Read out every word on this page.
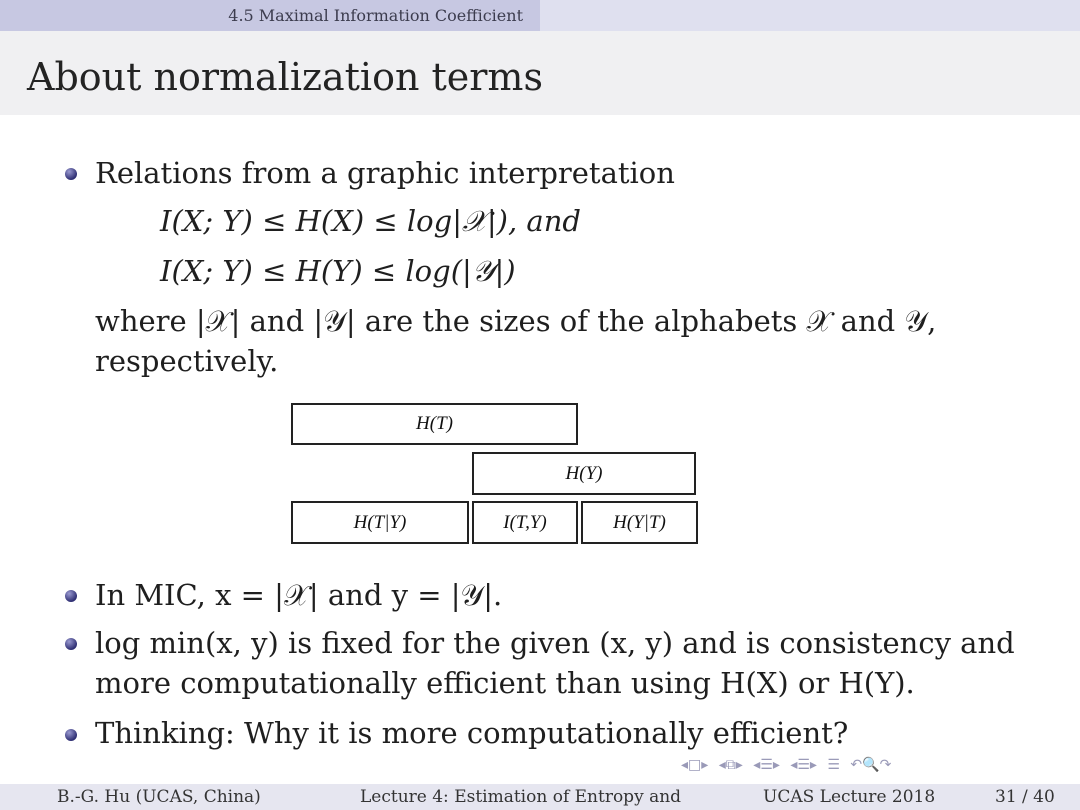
4.5 Maximal Information Coefficient
About normalization terms
Relations from a graphic interpretation
I(X; Y) ≤ H(X) ≤ log|𝒳|), and
I(X; Y) ≤ H(Y) ≤ log(|𝒴|)
where |𝒳| and |𝒴| are the sizes of the alphabets 𝒳 and 𝒴,
respectively.
H(T)
H(Y)
H(T|Y)	I(T,Y)	H(Y|T)
In MIC, x = |𝒳| and y = |𝒴|.
log min(x, y) is fixed for the given (x, y) and is consistency and
more computationally efficient than using H(X) or H(Y).
Thinking: Why it is more computationally efficient?
◂□▸ ◂⧉▸ ◂☰▸ ◂☰▸ ☰ ↶🔍↷
B.-G. Hu (UCAS, China)	Lecture 4: Estimation of Entropy and	UCAS Lecture 2018	31 / 40
